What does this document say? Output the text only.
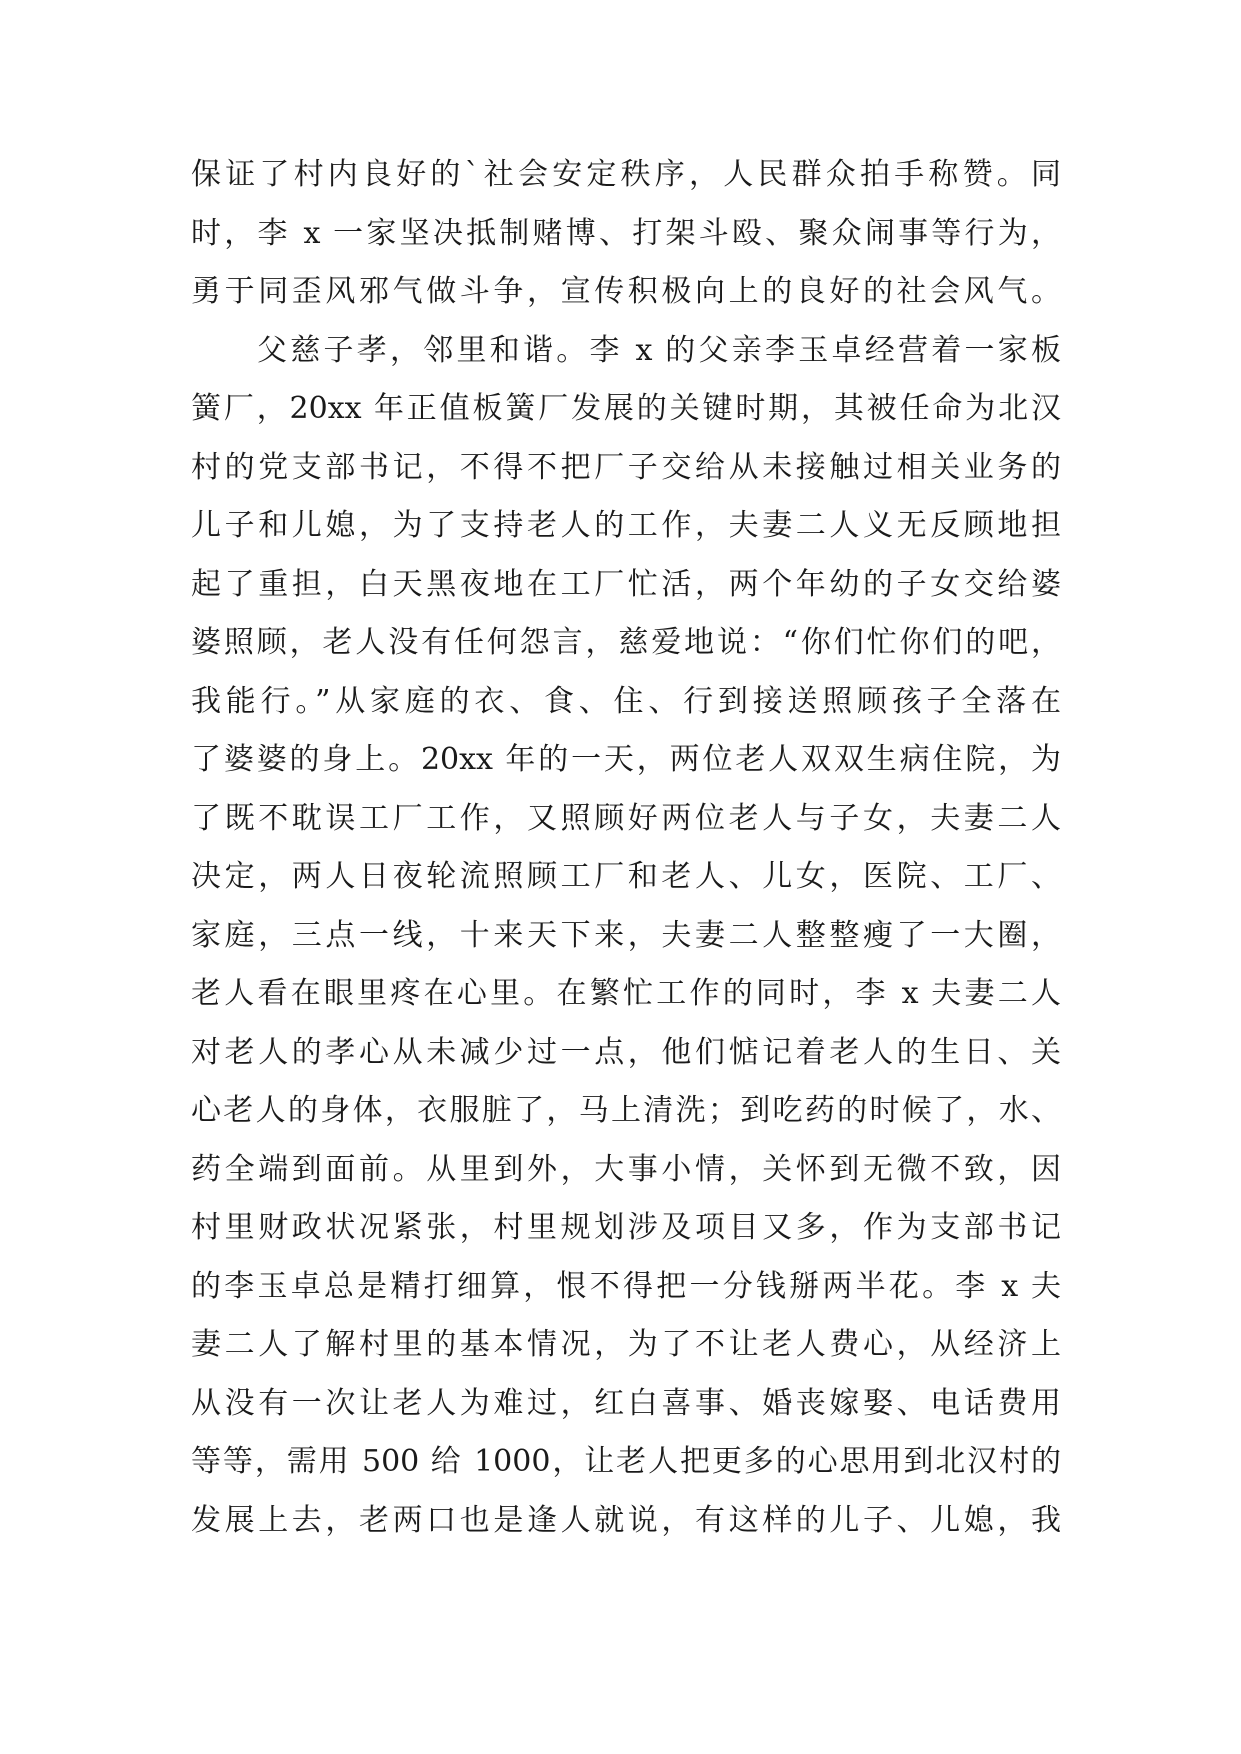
保证了村内良好的`社会安定秩序，人民群众拍手称赞。同
时，李 x 一家坚决抵制赌博、打架斗殴、聚众闹事等行为，
勇于同歪风邪气做斗争，宣传积极向上的良好的社会风气。
父慈子孝，邻里和谐。李 x 的父亲李玉卓经营着一家板
簧厂，20xx 年正值板簧厂发展的关键时期，其被任命为北汉
村的党支部书记，不得不把厂子交给从未接触过相关业务的
儿子和儿媳，为了支持老人的工作，夫妻二人义无反顾地担
起了重担，白天黑夜地在工厂忙活，两个年幼的子女交给婆
婆照顾，老人没有任何怨言，慈爱地说：“你们忙你们的吧，
我能行。”从家庭的衣、食、住、行到接送照顾孩子全落在
了婆婆的身上。20xx 年的一天，两位老人双双生病住院，为
了既不耽误工厂工作，又照顾好两位老人与子女，夫妻二人
决定，两人日夜轮流照顾工厂和老人、儿女，医院、工厂、
家庭，三点一线，十来天下来，夫妻二人整整瘦了一大圈，
老人看在眼里疼在心里。在繁忙工作的同时，李 x 夫妻二人
对老人的孝心从未减少过一点，他们惦记着老人的生日、关
心老人的身体，衣服脏了，马上清洗；到吃药的时候了，水、
药全端到面前。从里到外，大事小情，关怀到无微不致，因
村里财政状况紧张，村里规划涉及项目又多，作为支部书记
的李玉卓总是精打细算，恨不得把一分钱掰两半花。李 x 夫
妻二人了解村里的基本情况，为了不让老人费心，从经济上
从没有一次让老人为难过，红白喜事、婚丧嫁娶、电话费用
等等，需用 500 给 1000，让老人把更多的心思用到北汉村的
发展上去，老两口也是逢人就说，有这样的儿子、儿媳，我
